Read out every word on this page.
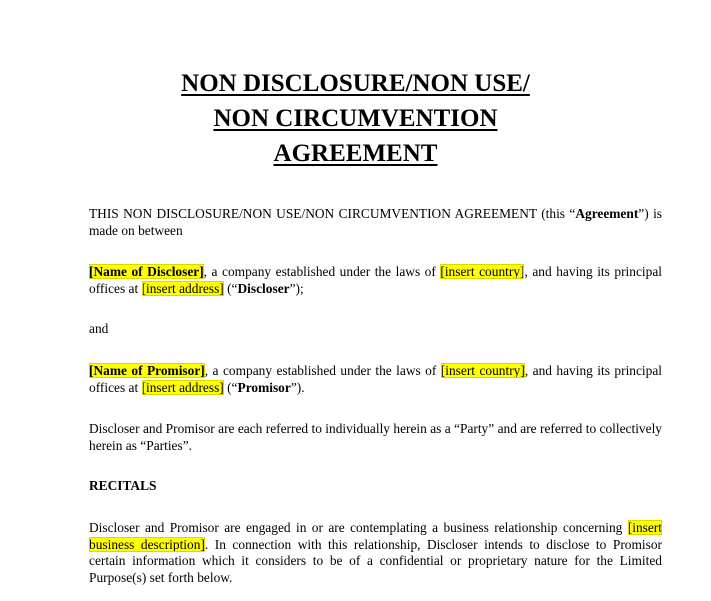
NON DISCLOSURE/NON USE/
NON CIRCUMVENTION
AGREEMENT
THIS NON DISCLOSURE/NON USE/NON CIRCUMVENTION AGREEMENT (this “Agreement”) is made on between
[Name of Discloser], a company established under the laws of [insert country], and having its principal offices at [insert address] (“Discloser”);
and
[Name of Promisor], a company established under the laws of [insert country], and having its principal offices at [insert address] (“Promisor”).
Discloser and Promisor are each referred to individually herein as a “Party” and are referred to collectively herein as “Parties”.
RECITALS
Discloser and Promisor are engaged in or are contemplating a business relationship concerning [insert business description]. In connection with this relationship, Discloser intends to disclose to Promisor certain information which it considers to be of a confidential or proprietary nature for the Limited Purpose(s) set forth below.
